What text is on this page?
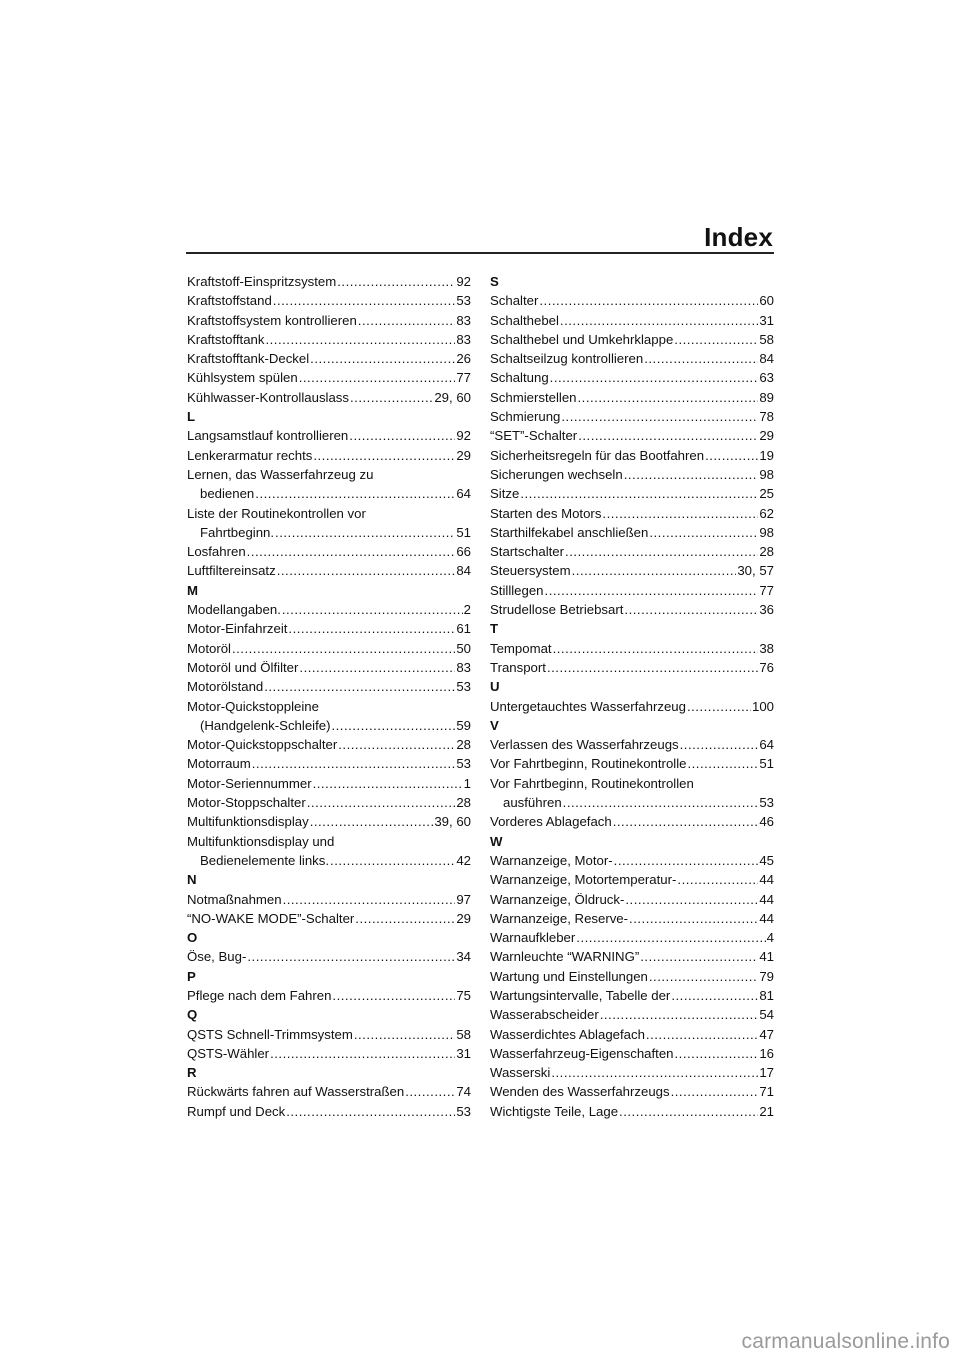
Index
Kraftstoff-Einspritzsystem .....	92
Kraftstoffstand .....	53
Kraftstoffsystem kontrollieren .....	83
Kraftstofftank .....	83
Kraftstofftank-Deckel .....	26
Kühlsystem spülen .....	77
Kühlwasser-Kontrollauslass .....	29, 60
L
Langsamstlauf kontrollieren .....	92
Lenkerarmatur rechts .....	29
Lernen, das Wasserfahrzeug zu
bedienen .....	64
Liste der Routinekontrollen vor
Fahrtbeginn. .....	51
Losfahren .....	66
Luftfiltereinsatz .....	84
M
Modellangaben. .....	2
Motor-Einfahrzeit .....	61
Motoröl .....	50
Motoröl und Ölfilter .....	83
Motorölstand .....	53
Motor-Quickstoppleine
(Handgelenk-Schleife) .....	59
Motor-Quickstoppschalter .....	28
Motorraum .....	53
Motor-Seriennummer .....	1
Motor-Stoppschalter .....	28
Multifunktionsdisplay .....	39, 60
Multifunktionsdisplay und
Bedienelemente links. .....	42
N
Notmaßnahmen .....	97
“NO-WAKE MODE”-Schalter .....	29
O
Öse, Bug- .....	34
P
Pflege nach dem Fahren .....	75
Q
QSTS Schnell-Trimmsystem .....	58
QSTS-Wähler .....	31
R
Rückwärts fahren auf Wasserstraßen .....	74
Rumpf und Deck .....	53
S
Schalter .....	60
Schalthebel .....	31
Schalthebel und Umkehrklappe .....	58
Schaltseilzug kontrollieren .....	84
Schaltung .....	63
Schmierstellen .....	89
Schmierung .....	78
“SET”-Schalter .....	29
Sicherheitsregeln für das Bootfahren .....	19
Sicherungen wechseln .....	98
Sitze .....	25
Starten des Motors .....	62
Starthilfekabel anschließen .....	98
Startschalter .....	28
Steuersystem .....	30, 57
Stilllegen .....	77
Strudellose Betriebsart .....	36
T
Tempomat .....	38
Transport .....	76
U
Untergetauchtes Wasserfahrzeug .....	100
V
Verlassen des Wasserfahrzeugs .....	64
Vor Fahrtbeginn, Routinekontrolle .....	51
Vor Fahrtbeginn, Routinekontrollen
ausführen .....	53
Vorderes Ablagefach .....	46
W
Warnanzeige, Motor- .....	45
Warnanzeige, Motortemperatur- .....	44
Warnanzeige, Öldruck- .....	44
Warnanzeige, Reserve- .....	44
Warnaufkleber .....	4
Warnleuchte “WARNING” .....	41
Wartung und Einstellungen .....	79
Wartungsintervalle, Tabelle der .....	81
Wasserabscheider .....	54
Wasserdichtes Ablagefach .....	47
Wasserfahrzeug-Eigenschaften .....	16
Wasserski .....	17
Wenden des Wasserfahrzeugs .....	71
Wichtigste Teile, Lage .....	21
carmanualsonline.info
